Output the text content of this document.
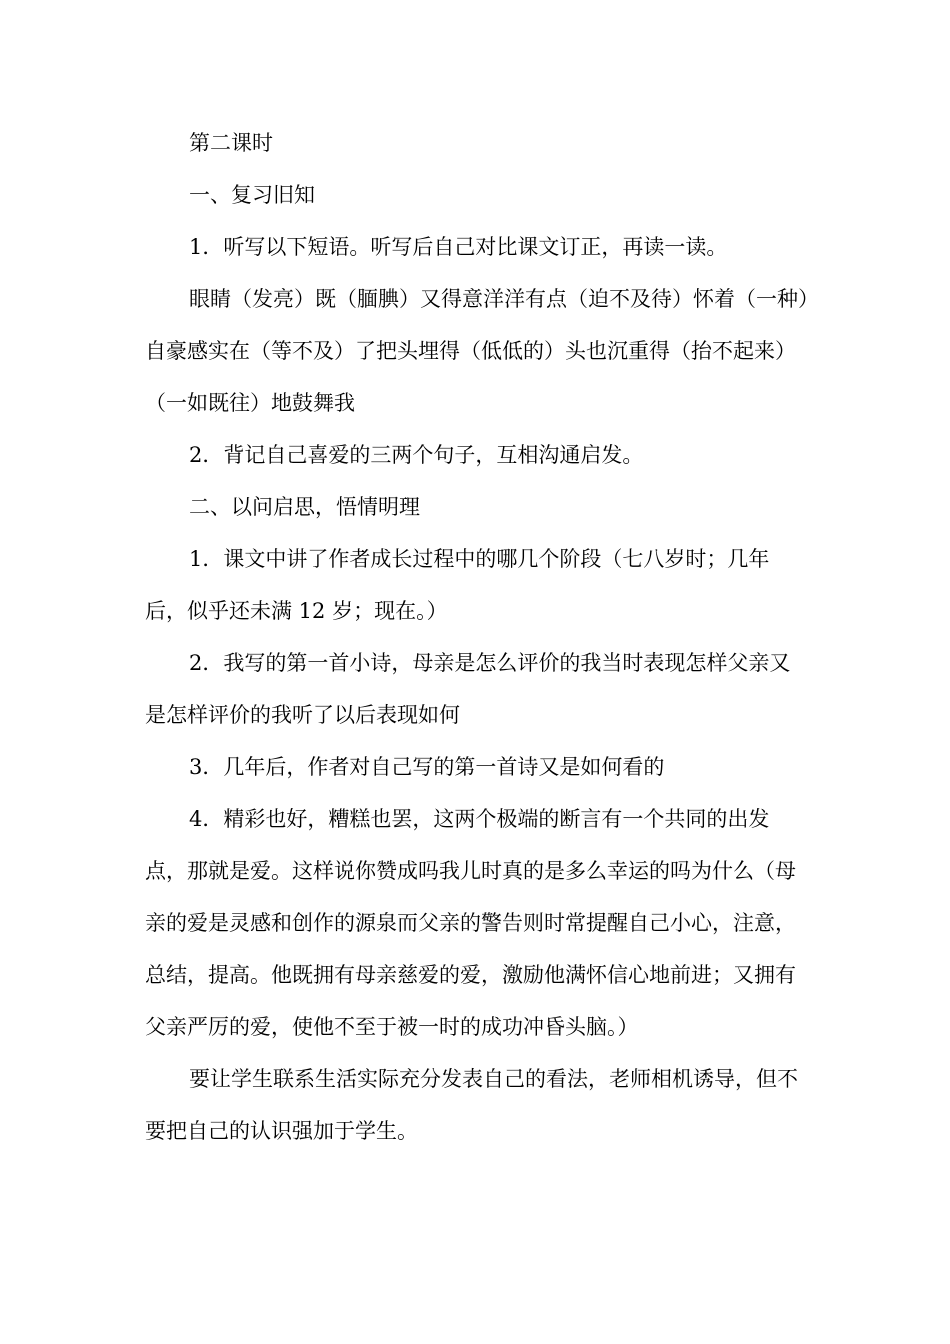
第二课时

一、复习旧知

1．听写以下短语。听写后自己对比课文订正，再读一读。

眼睛（发亮）既（腼腆）又得意洋洋有点（迫不及待）怀着（一种）自豪感实在（等不及）了把头埋得（低低的）头也沉重得（抬不起来）（一如既往）地鼓舞我

2．背记自己喜爱的三两个句子，互相沟通启发。

二、以问启思，悟情明理

1．课文中讲了作者成长过程中的哪几个阶段（七八岁时；几年后，似乎还未满 12 岁；现在。）

2．我写的第一首小诗，母亲是怎么评价的我当时表现怎样父亲又是怎样评价的我听了以后表现如何

3．几年后，作者对自己写的第一首诗又是如何看的

4．精彩也好，糟糕也罢，这两个极端的断言有一个共同的出发点，那就是爱。这样说你赞成吗我儿时真的是多么幸运的吗为什么（母亲的爱是灵感和创作的源泉而父亲的警告则时常提醒自己小心，注意，总结，提高。他既拥有母亲慈爱的爱，激励他满怀信心地前进；又拥有父亲严厉的爱，使他不至于被一时的成功冲昏头脑。）

要让学生联系生活实际充分发表自己的看法，老师相机诱导，但不要把自己的认识强加于学生。
